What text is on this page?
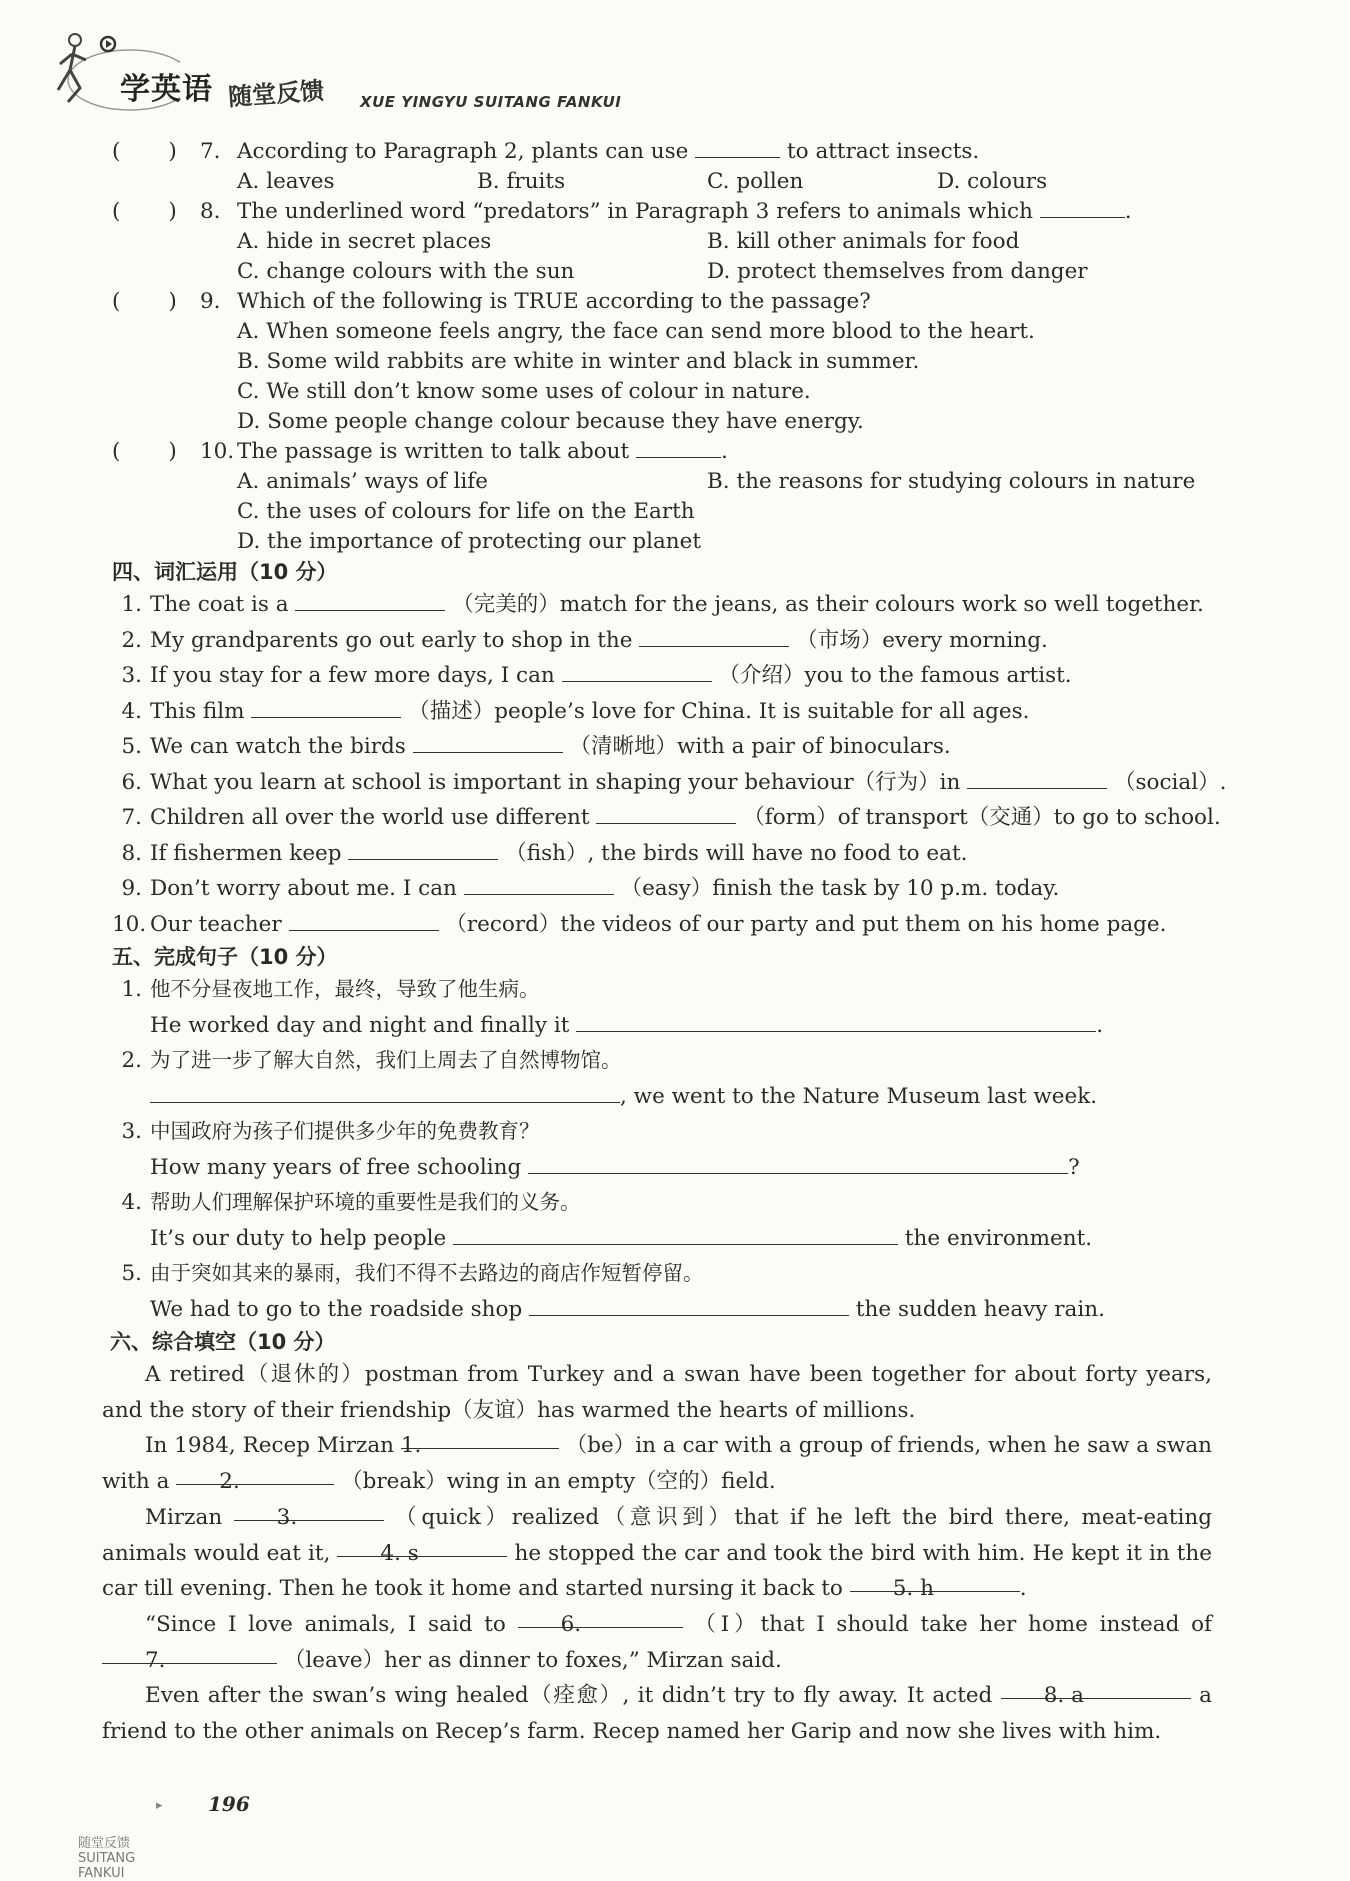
学英语 随堂反馈 XUE YINGYU SUITANG FANKUI
( ) 7. According to Paragraph 2, plants can use	to attract insects.
A. leaves	B. fruits	C. pollen	D. colours
( ) 8. The underlined word “predators” in Paragraph 3 refers to animals which	.
A. hide in secret places	B. kill other animals for food
C. change colours with the sun	D. protect themselves from danger
( ) 9. Which of the following is TRUE according to the passage?
A. When someone feels angry, the face can send more blood to the heart.
B. Some wild rabbits are white in winter and black in summer.
C. We still don’t know some uses of colour in nature.
D. Some people change colour because they have energy.
( ) 10. The passage is written to talk about	.
A. animals’ ways of life	B. the reasons for studying colours in nature
C. the uses of colours for life on the Earth
D. the importance of protecting our planet
四、词汇运用（10 分）
1. The coat is a	（完美的）match for the jeans, as their colours work so well together.
2. My grandparents go out early to shop in the	（市场）every morning.
3. If you stay for a few more days, I can	（介绍）you to the famous artist.
4. This film	（描述）people’s love for China. It is suitable for all ages.
5. We can watch the birds	（清晰地）with a pair of binoculars.
6. What you learn at school is important in shaping your behaviour（行为）in	（social）.
7. Children all over the world use different	（form）of transport（交通）to go to school.
8. If fishermen keep	（fish）, the birds will have no food to eat.
9. Don’t worry about me. I can	（easy）finish the task by 10 p.m. today.
10. Our teacher	（record）the videos of our party and put them on his home page.
五、完成句子（10 分）
1. 他不分昼夜地工作，最终，导致了他生病。
He worked day and night and finally it	.
2. 为了进一步了解大自然，我们上周去了自然博物馆。
, we went to the Nature Museum last week.
3. 中国政府为孩子们提供多少年的免费教育？
How many years of free schooling	?
4. 帮助人们理解保护环境的重要性是我们的义务。
It’s our duty to help people	the environment.
5. 由于突如其来的暴雨，我们不得不去路边的商店作短暂停留。
We had to go to the roadside shop	the sudden heavy rain.
六、综合填空（10 分）

A retired（退休的）postman from Turkey and a swan have been together for about forty years, and the story of their friendship（友谊）has warmed the hearts of millions.

In 1984, Recep Mirzan 1.	（be）in a car with a group of friends, when he saw a swan with a 2.	（break）wing in an empty（空的）field.

Mirzan	3.	（quick）realized（意识到）that if he left the bird there, meat-eating animals would eat it, 4. s	he stopped the car and took the bird with him. He kept it in the car till evening. Then he took it home and started nursing it back to 5. h	.

“Since I love animals, I said to	6.	（I）that I should take her home instead of 7.	（leave）her as dinner to foxes,” Mirzan said.

Even after the swan’s wing healed（痊愈）, it didn’t try to fly away. It acted 8. a	a friend to the other animals on Recep’s farm. Recep named her Garip and now she lives with him.

▸ 196
随堂反馈 SUITANG FANKUI
